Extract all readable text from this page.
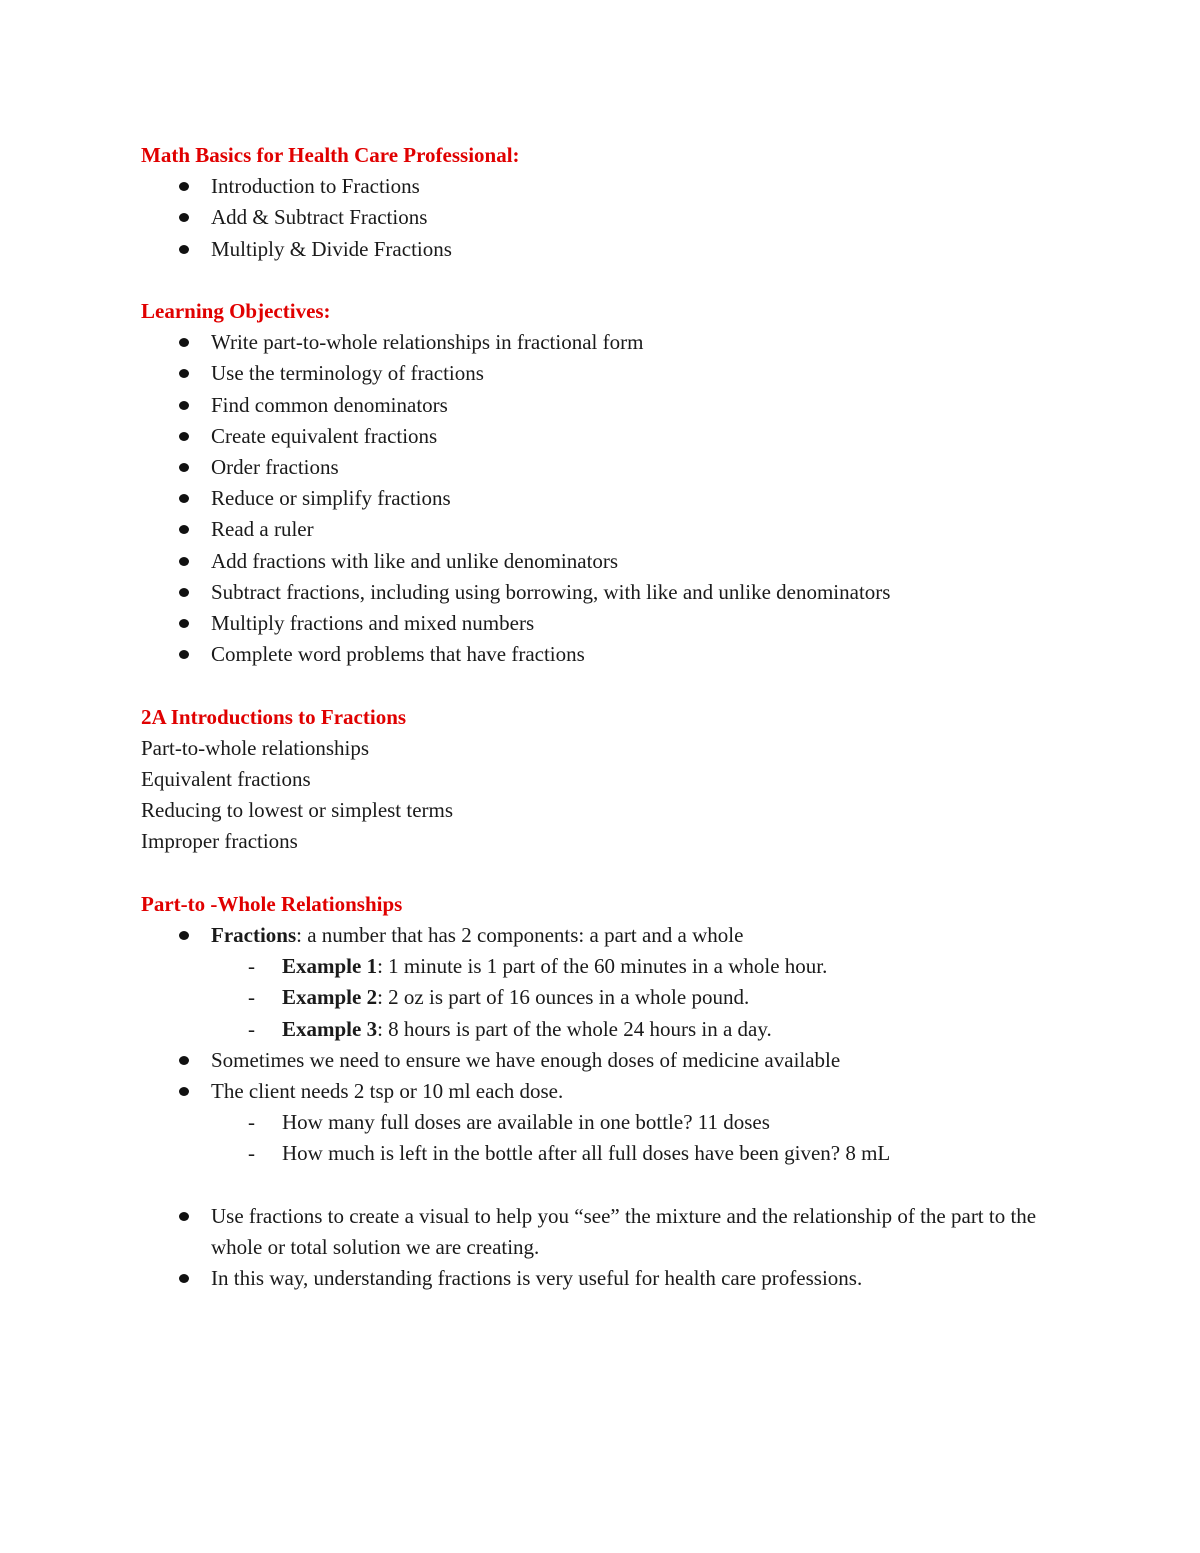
Math Basics for Health Care Professional:

Introduction to Fractions
Add & Subtract Fractions
Multiply & Divide Fractions

Learning Objectives:

Write part-to-whole relationships in fractional form
Use the terminology of fractions
Find common denominators
Create equivalent fractions
Order fractions
Reduce or simplify fractions
Read a ruler
Add fractions with like and unlike denominators
Subtract fractions, including using borrowing, with like and unlike denominators
Multiply fractions and mixed numbers
Complete word problems that have fractions

2A Introductions to Fractions

Part-to-whole relationships

Equivalent fractions

Reducing to lowest or simplest terms

Improper fractions

Part-to -Whole Relationships

Fractions: a number that has 2 components: a part and a whole
- Example 1: 1 minute is 1 part of the 60 minutes in a whole hour.
- Example 2: 2 oz is part of 16 ounces in a whole pound.
- Example 3: 8 hours is part of the whole 24 hours in a day.
Sometimes we need to ensure we have enough doses of medicine available
The client needs 2 tsp or 10 ml each dose.
- How many full doses are available in one bottle? 11 doses
- How much is left in the bottle after all full doses have been given? 8 mL
Use fractions to create a visual to help you “see” the mixture and the relationship of the part to the whole or total solution we are creating.
In this way, understanding fractions is very useful for health care professions.
